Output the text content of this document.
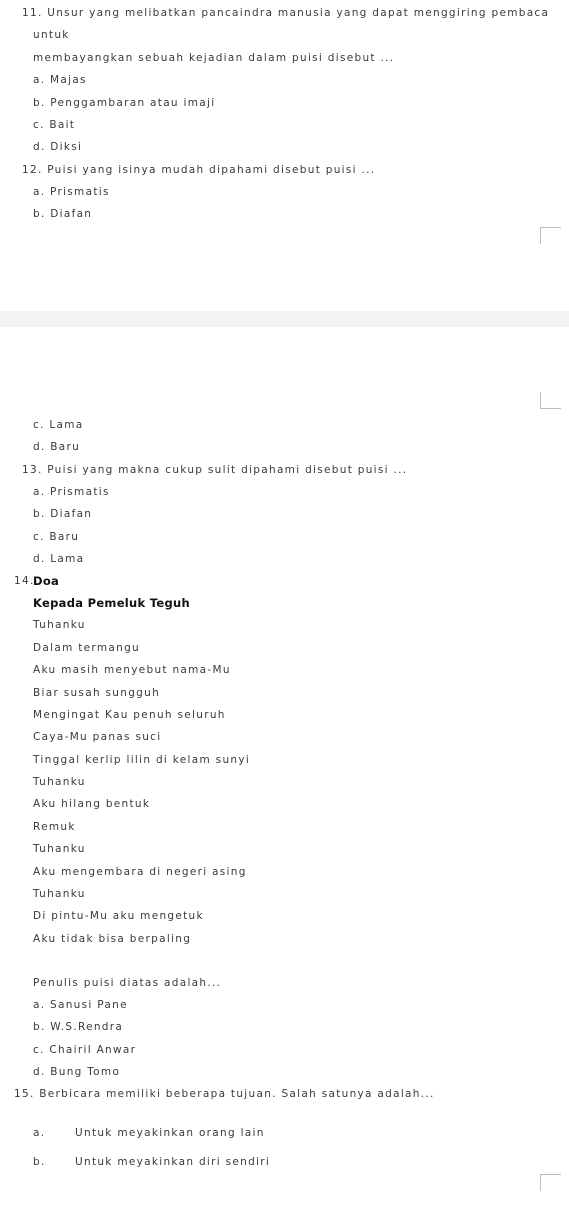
11. Unsur yang melibatkan pancaindra manusia yang dapat menggiring pembaca
untuk
membayangkan sebuah kejadian dalam puisi disebut ...
a. Majas
b. Penggambaran atau imaji
c. Bait
d. Diksi
12. Puisi yang isinya mudah dipahami disebut puisi ...
a. Prismatis
b. Diafan
c. Lama
d. Baru
13. Puisi yang makna cukup sulit dipahami disebut puisi ...
a. Prismatis
b. Diafan
c. Baru
d. Lama
14.
Doa
Kepada Pemeluk Teguh
Tuhanku
Dalam termangu
Aku masih menyebut nama-Mu
Biar susah sungguh
Mengingat Kau penuh seluruh
Caya-Mu panas suci
Tinggal kerlip lilin di kelam sunyi
Tuhanku
Aku hilang bentuk
Remuk
Tuhanku
Aku mengembara di negeri asing
Tuhanku
Di pintu-Mu aku mengetuk
Aku tidak bisa berpaling
Penulis puisi diatas adalah...
a. Sanusi Pane
b. W.S.Rendra
c. Chairil Anwar
d. Bung Tomo
15. Berbicara memiliki beberapa tujuan. Salah satunya adalah...
a.	Untuk meyakinkan orang lain
b.	Untuk meyakinkan diri sendiri
